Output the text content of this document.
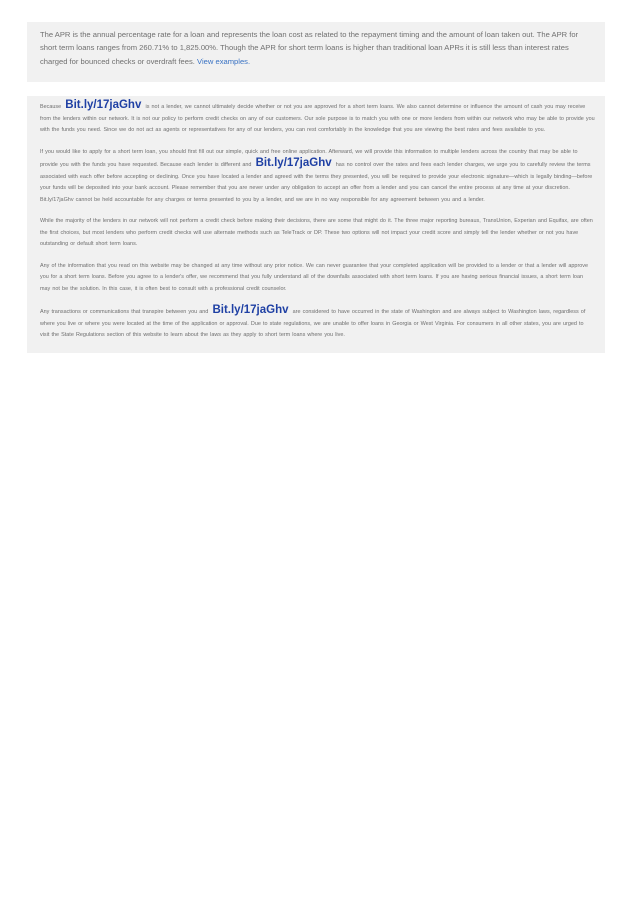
The APR is the annual percentage rate for a loan and represents the loan cost as related to the repayment timing and the amount of loan taken out. The APR for short term loans ranges from 260.71% to 1,825.00%. Though the APR for short term loans is higher than traditional loan APRs it is still less than interest rates charged for bounced checks or overdraft fees. View examples.

Because Bit.ly/17jaGhv is not a lender, we cannot ultimately decide whether or not you are approved for a short term loans. We also cannot determine or influence the amount of cash you may receive from the lenders within our network. It is not our policy to perform credit checks on any of our customers. Our sole purpose is to match you with one or more lenders from within our network who may be able to provide you with the funds you need. Since we do not act as agents or representatives for any of our lenders, you can rest comfortably in the knowledge that you are viewing the best rates and fees available to you.

If you would like to apply for a short term loan, you should first fill out our simple, quick and free online application. Afterward, we will provide this information to multiple lenders across the country that may be able to provide you with the funds you have requested. Because each lender is different and Bit.ly/17jaGhv has no control over the rates and fees each lender charges, we urge you to carefully review the terms associated with each offer before accepting or declining. Once you have located a lender and agreed with the terms they presented, you will be required to provide your electronic signature—which is legally binding—before your funds will be deposited into your bank account. Please remember that you are never under any obligation to accept an offer from a lender and you can cancel the entire process at any time at your discretion. Bit.ly/17jaGhv cannot be held accountable for any charges or terms presented to you by a lender, and we are in no way responsible for any agreement between you and a lender.

While the majority of the lenders in our network will not perform a credit check before making their decisions, there are some that might do it. The three major reporting bureaus, TransUnion, Experian and Equifax, are often the first choices, but most lenders who perform credit checks will use alternate methods such as TeleTrack or DP. These two options will not impact your credit score and simply tell the lender whether or not you have outstanding or default short term loans.

Any of the information that you read on this website may be changed at any time without any prior notice. We can never guarantee that your completed application will be provided to a lender or that a lender will approve you for a short term loans. Before you agree to a lender's offer, we recommend that you fully understand all of the downfalls associated with short term loans. If you are having serious financial issues, a short term loan may not be the solution. In this case, it is often best to consult with a professional credit counselor.

Any transactions or communications that transpire between you and Bit.ly/17jaGhv are considered to have occurred in the state of Washington and are always subject to Washington laws, regardless of where you live or where you were located at the time of the application or approval. Due to state regulations, we are unable to offer loans in Georgia or West Virginia. For consumers in all other states, you are urged to visit the State Regulations section of this website to learn about the laws as they apply to short term loans where you live.
